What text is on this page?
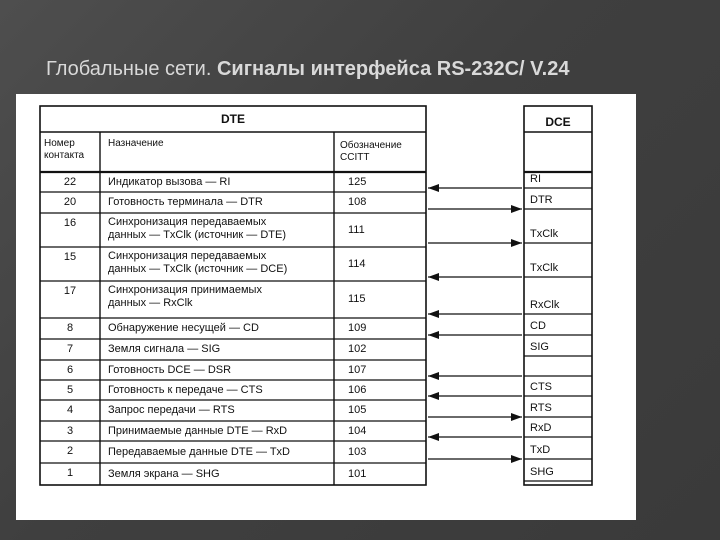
Глобальные сети. Сигналы интерфейса RS-232C/ V.24
DTE	DCE
Номер
контакта
Назначение	Обозначение
CCITT
22	Индикатор вызова — RI	125	RI
20	Готовность терминала — DTR	108	DTR
16	Синхронизация передаваемых
данных — TxClk (источник — DTE)	111	TxClk
15	Синхронизация передаваемых
данных — TxClk (источник — DCE)	114	TxClk
17	Синхронизация принимаемых
данных — RxClk	115	RxClk
8	Обнаружение несущей — CD	109	CD
7	Земля сигнала — SIG	102	SIG
6	Готовность DCE — DSR	107
5	Готовность к передаче — CTS	106	CTS
4	Запрос передачи — RTS	105	RTS
3	Принимаемые данные DTE — RxD	104	RxD
2	Передаваемые данные DTE — TxD	103	TxD
1	Земля экрана — SHG	101	SHG
